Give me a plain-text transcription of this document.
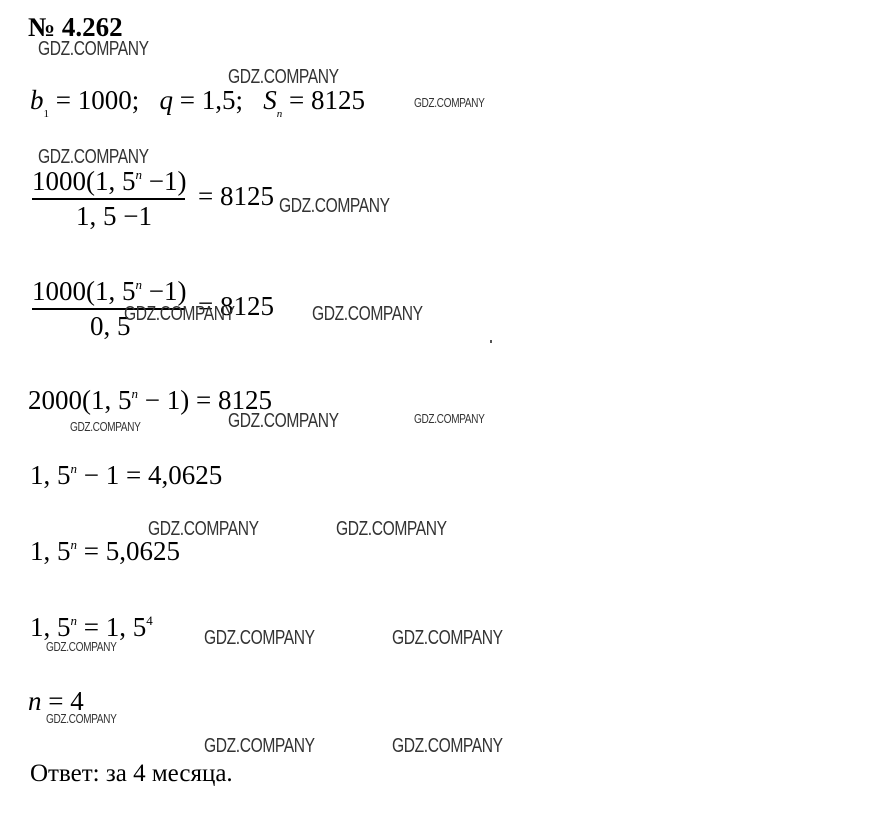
№ 4.262
$b_1 = 1000$; q = 1,5; $S_n = 8125$
1000(1, $5^n -1$)
1, 5 −1
= 8125
1000(1, $5^n -1$)
0, 5
= 8125
2000(1, $5^n - 1) = 8125$
1, $5^n - 1 = 4,0625$
1, $5^n = 5,0625$
1, $5^n = 1$, $5^4$
n = 4
Ответ: за 4 месяца.
GDZ.COMPANY
GDZ.COMPANY
GDZ.COMPANY
GDZ.COMPANY
GDZ.COMPANY
GDZ.COMPANY	GDZ.COMPANY
GDZ.COMPANY	GDZ.COMPANY	GDZ.COMPANY
GDZ.COMPANY	GDZ.COMPANY
GDZ.COMPANY	GDZ.COMPANY	GDZ.COMPANY
GDZ.COMPANY
GDZ.COMPANY	GDZ.COMPANY
